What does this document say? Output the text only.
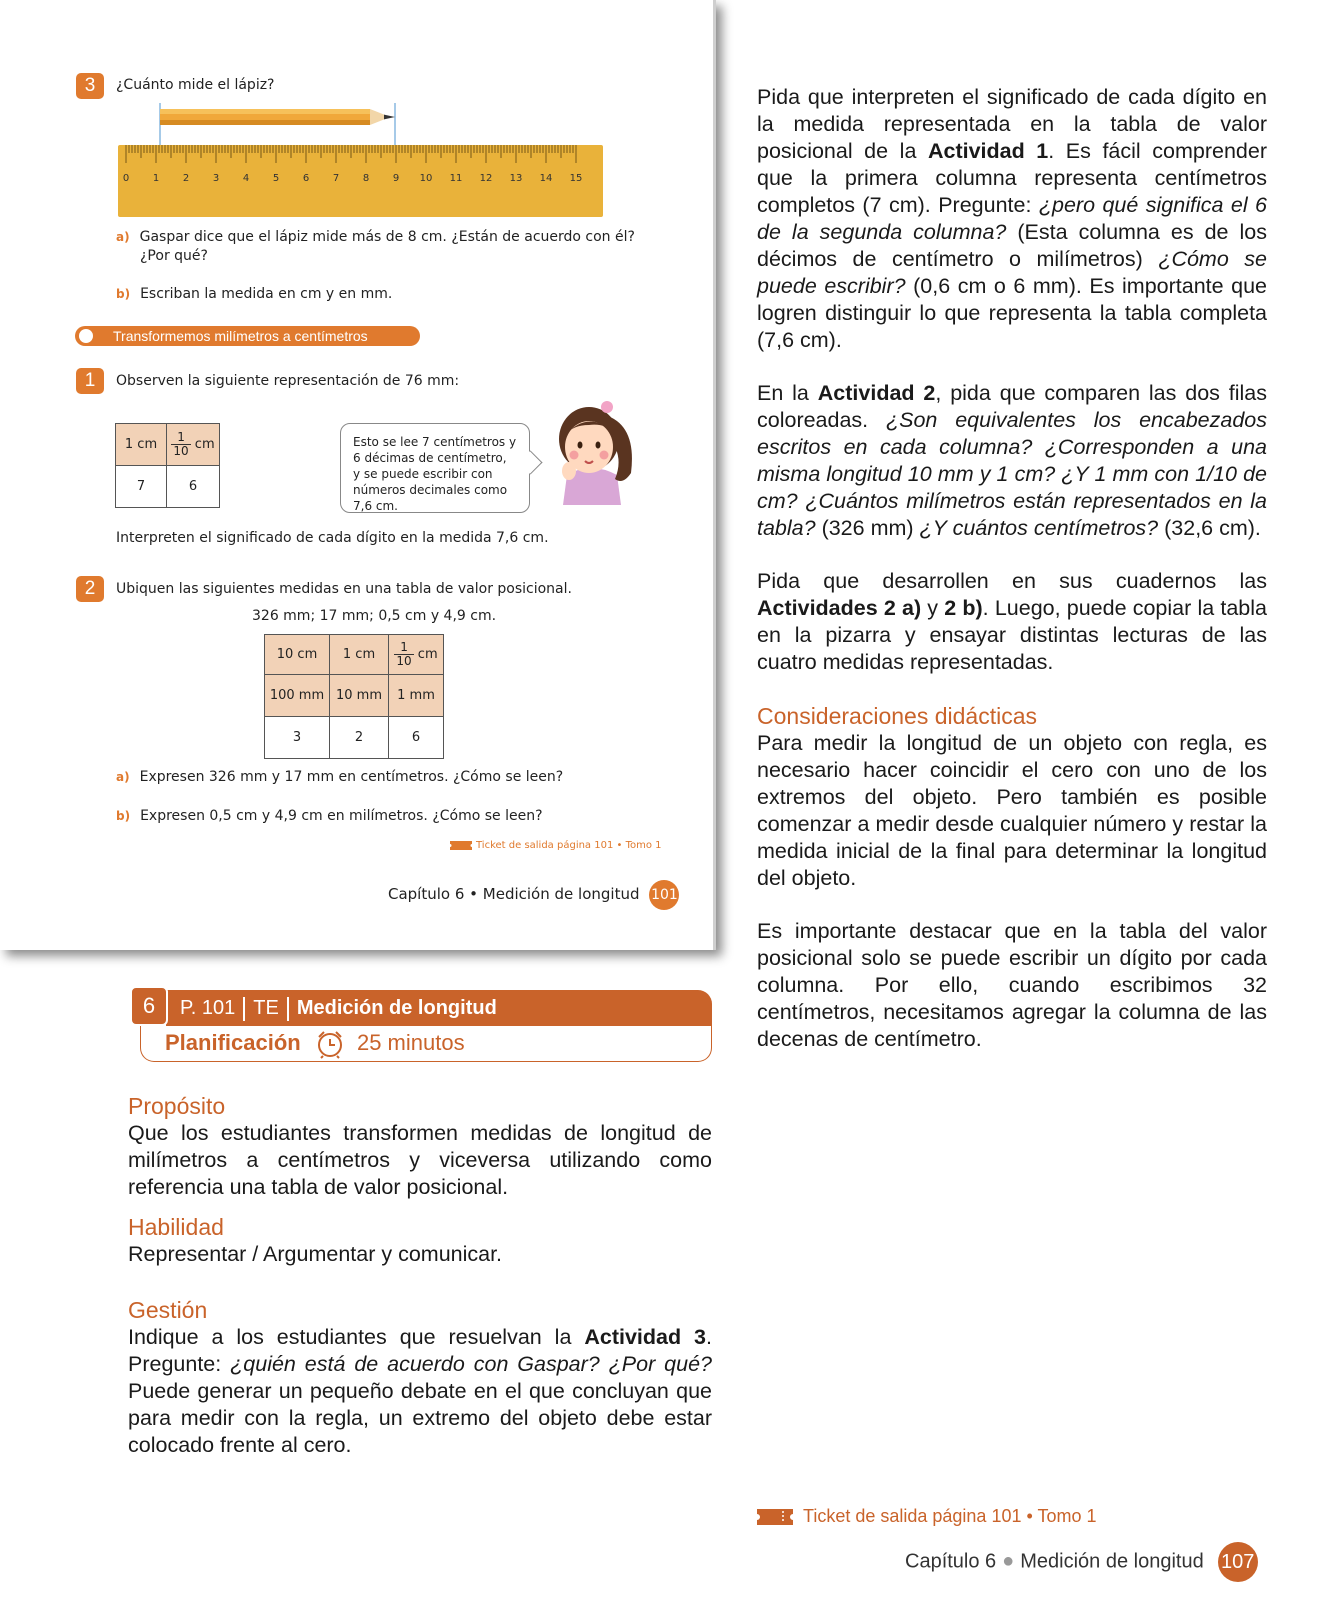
3	¿Cuánto mide el lápiz?
0 1 2 3 4 5 6 7 8 9 10 11 12 13 14 15
a) Gaspar dice que el lápiz mide más de 8 cm. ¿Están de acuerdo con él?
¿Por qué?
b) Escriban la medida en cm y en mm.
Transformemos milímetros a centímetros
1	Observen la siguiente representación de 76 mm:
1 cm	$\frac{1}{10}$ cm
7	6
Esto se lee 7 centímetros y 6 décimas de centímetro, y se puede escribir con números decimales como 7,6 cm.
Interpreten el significado de cada dígito en la medida 7,6 cm.
2	Ubiquen las siguientes medidas en una tabla de valor posicional.
326 mm; 17 mm; 0,5 cm y 4,9 cm.
10 cm	1 cm	$\frac{1}{10}$ cm
100 mm	10 mm	1 mm
3	2	6
a) Expresen 326 mm y 17 mm en centímetros. ¿Cómo se leen?
b) Expresen 0,5 cm y 4,9 cm en milímetros. ¿Cómo se leen?
Ticket de salida página 101 • Tomo 1
Capítulo 6 • Medición de longitud 101
P. 101 TE Medición de longitud
6
Planificación	25 minutos
Propósito

Que los estudiantes transformen medidas de longitud de milímetros a centímetros y viceversa utilizando como referencia una tabla de valor posicional.

Habilidad

Representar / Argumentar y comunicar.

Gestión

Indique a los estudiantes que resuelvan la Actividad 3. Pregunte: ¿quién está de acuerdo con Gaspar? ¿Por qué? Puede generar un pequeño debate en el que concluyan que para medir con la regla, un extremo del objeto debe estar colocado frente al cero.

Pida que interpreten el significado de cada dígito en la medida representada en la tabla de valor posicional de la Actividad 1. Es fácil comprender que la primera columna representa centímetros completos (7 cm). Pregunte: ¿pero qué significa el 6 de la segunda columna? (Esta columna es de los décimos de centímetro o milímetros) ¿Cómo se puede escribir? (0,6 cm o 6 mm). Es importante que logren distinguir lo que representa la tabla completa (7,6 cm).

En la Actividad 2, pida que comparen las dos filas coloreadas. ¿Son equivalentes los encabezados escritos en cada columna? ¿Corresponden a una misma longitud 10 mm y 1 cm? ¿Y 1 mm con 1/10 de cm? ¿Cuántos milímetros están representados en la tabla? (326 mm) ¿Y cuántos centímetros? (32,6 cm).

Pida que desarrollen en sus cuadernos las Actividades 2 a) y 2 b). Luego, puede copiar la tabla en la pizarra y ensayar distintas lecturas de las cuatro medidas representadas.

Consideraciones didácticas

Para medir la longitud de un objeto con regla, es necesario hacer coincidir el cero con uno de los extremos del objeto. Pero también es posible comenzar a medir desde cualquier número y restar la medida inicial de la final para determinar la longitud del objeto.

Es importante destacar que en la tabla del valor posicional solo se puede escribir un dígito por cada columna. Por ello, cuando escribimos 32 centímetros, necesitamos agregar la columna de las decenas de centímetro.

Ticket de salida página 101 • Tomo 1
Capítulo 6 ● Medición de longitud 107
